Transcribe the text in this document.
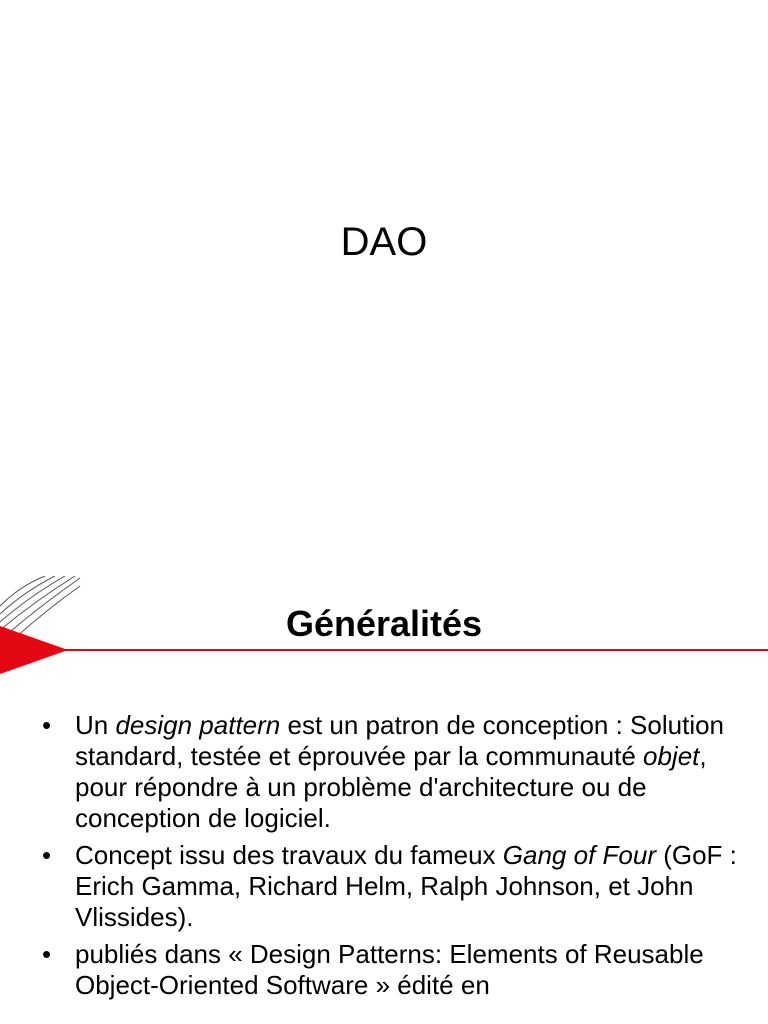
DAO
Généralités
• Un design pattern est un patron de conception : Solution standard, testée et éprouvée par la communauté objet, pour répondre à un problème d'architecture ou de conception de logiciel.
• Concept issu des travaux du fameux Gang of Four (GoF : Erich Gamma, Richard Helm, Ralph Johnson, et John Vlissides).
• publiés dans « Design Patterns: Elements of Reusable Object-Oriented Software » édité en
